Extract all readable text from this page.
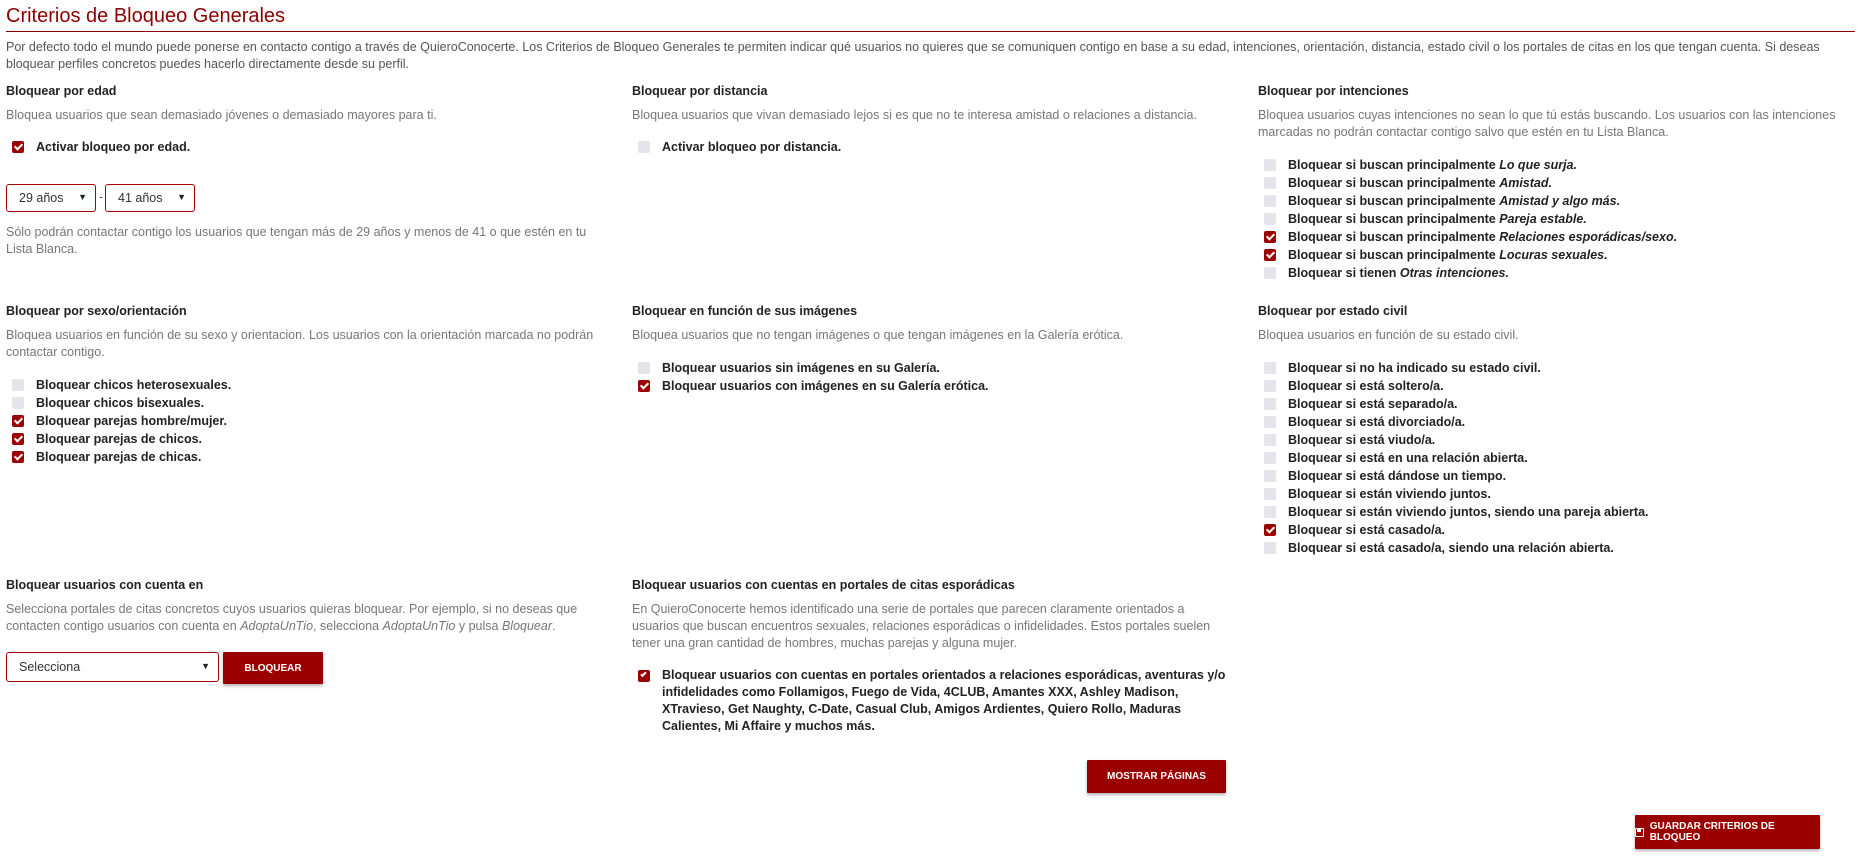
Criterios de Bloqueo Generales

Por defecto todo el mundo puede ponerse en contacto contigo a través de QuieroConocerte. Los Criterios de Bloqueo Generales te permiten indicar qué usuarios no quieres que se comuniquen contigo en base a su edad, intenciones, orientación, distancia, estado civil o los portales de citas en los que tengan cuenta. Si deseas bloquear perfiles concretos puedes hacerlo directamente desde su perfil.

Bloquear por edad

Bloquea usuarios que sean demasiado jóvenes o demasiado mayores para ti.

Activar bloqueo por edad.
29 años ▼ -	41 años ▼

Sólo podrán contactar contigo los usuarios que tengan más de 29 años y menos de 41 o que estén en tu Lista Blanca.

Bloquear por distancia

Bloquea usuarios que vivan demasiado lejos si es que no te interesa amistad o relaciones a distancia.

Activar bloqueo por distancia.
Bloquear por intenciones

Bloquea usuarios cuyas intenciones no sean lo que tú estás buscando. Los usuarios con las intenciones marcadas no podrán contactar contigo salvo que estén en tu Lista Blanca.

Bloquear si buscan principalmente
Lo que surja.
Bloquear si buscan principalmente
Amistad.
Bloquear si buscan principalmente
Amistad y algo más.
Bloquear si buscan principalmente
Pareja estable.
Bloquear si buscan principalmente
Relaciones esporádicas/sexo.
Bloquear si buscan principalmente
Locuras sexuales.
Bloquear si tienen
Otras intenciones.
Bloquear por sexo/orientación

Bloquea usuarios en función de su sexo y orientacion. Los usuarios con la orientación marcada no podrán contactar contigo.

Bloquear chicos heterosexuales.
Bloquear chicos bisexuales.
Bloquear parejas hombre/mujer.
Bloquear parejas de chicos.
Bloquear parejas de chicas.
Bloquear en función de sus imágenes

Bloquea usuarios que no tengan imágenes o que tengan imágenes en la Galería erótica.

Bloquear usuarios sin imágenes en su Galería.
Bloquear usuarios con imágenes en su Galería erótica.
Bloquear por estado civil

Bloquea usuarios en función de su estado civil.

Bloquear si no ha indicado su estado civil.
Bloquear si está soltero/a.
Bloquear si está separado/a.
Bloquear si está divorciado/a.
Bloquear si está viudo/a.
Bloquear si está en una relación abierta.
Bloquear si está dándose un tiempo.
Bloquear si están viviendo juntos.
Bloquear si están viviendo juntos, siendo una pareja abierta.
Bloquear si está casado/a.
Bloquear si está casado/a, siendo una relación abierta.
Bloquear usuarios con cuenta en

Selecciona portales de citas concretos cuyos usuarios quieras bloquear. Por ejemplo, si no deseas que contacten contigo usuarios con cuenta en AdoptaUnTio, selecciona AdoptaUnTio y pulsa Bloquear.

Selecciona	▼	BLOQUEAR
Bloquear usuarios con cuentas en portales de citas esporádicas

En QuieroConocerte hemos identificado una serie de portales que parecen claramente orientados a usuarios que buscan encuentros sexuales, relaciones esporádicas o infidelidades. Estos portales suelen tener una gran cantidad de hombres, muchas parejas y alguna mujer.

Bloquear usuarios con cuentas en portales orientados a relaciones esporádicas, aventuras y/o infidelidades como Follamigos, Fuego de Vida, 4CLUB, Amantes XXX, Ashley Madison, XTravieso, Get Naughty, C-Date, Casual Club, Amigos Ardientes, Quiero Rollo, Maduras Calientes, Mi Affaire y muchos más.
MOSTRAR PÁGINAS
GUARDAR CRITERIOS DE BLOQUEO
